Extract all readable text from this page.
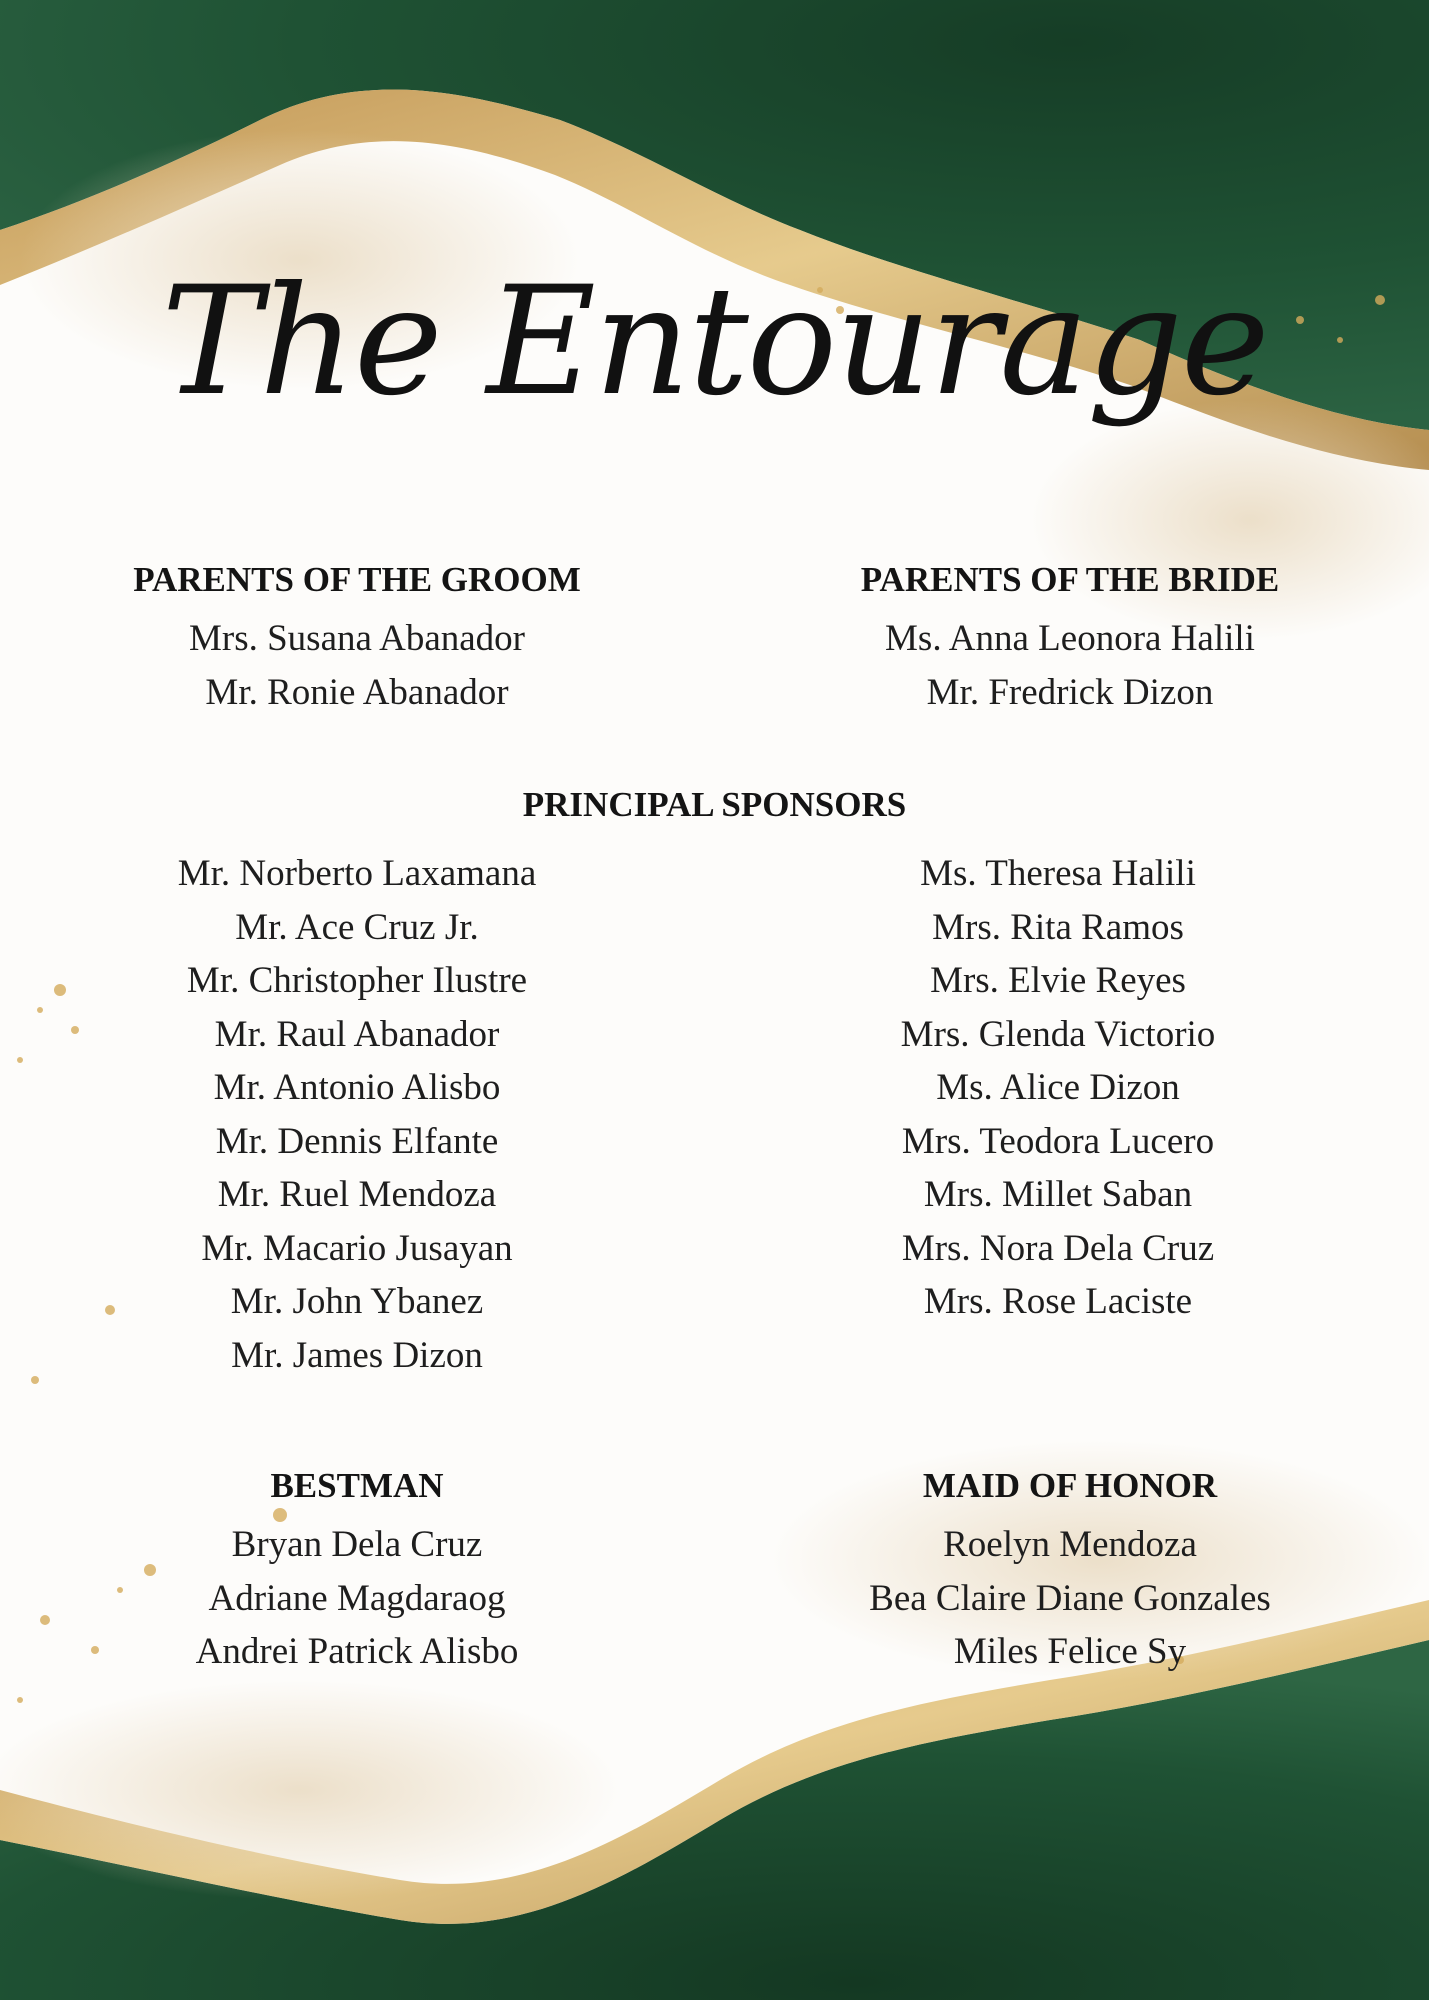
The Entourage
PARENTS OF THE GROOM
Mrs. Susana Abanador
Mr. Ronie Abanador
PARENTS OF THE BRIDE
Ms. Anna Leonora Halili
Mr. Fredrick Dizon
PRINCIPAL SPONSORS
Mr. Norberto Laxamana
Mr. Ace Cruz Jr.
Mr. Christopher Ilustre
Mr. Raul Abanador
Mr. Antonio Alisbo
Mr. Dennis Elfante
Mr. Ruel Mendoza
Mr. Macario Jusayan
Mr. John Ybanez
Mr. James Dizon
Ms. Theresa Halili
Mrs. Rita Ramos
Mrs. Elvie Reyes
Mrs. Glenda Victorio
Ms. Alice Dizon
Mrs. Teodora Lucero
Mrs. Millet Saban
Mrs. Nora Dela Cruz
Mrs. Rose Laciste
BESTMAN
Bryan Dela Cruz
Adriane Magdaraog
Andrei Patrick Alisbo
MAID OF HONOR
Roelyn Mendoza
Bea Claire Diane Gonzales
Miles Felice Sy
